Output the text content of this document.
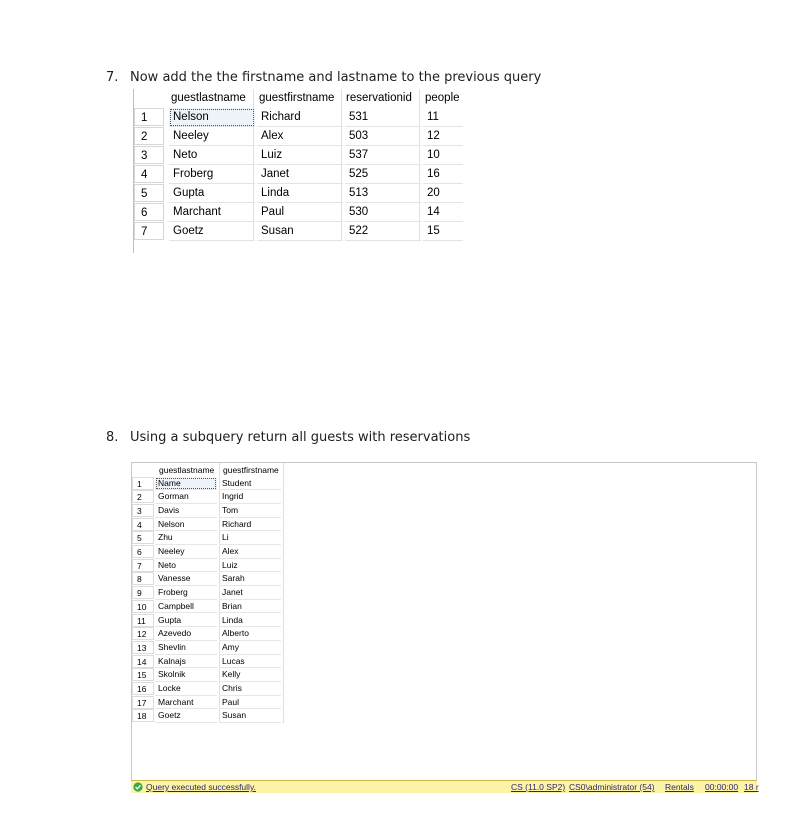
7. Now add the the firstname and lastname to the previous query
guestlastname guestfirstname reservationid people
1	Nelson	Richard	531	11
2	Neeley	Alex	503	12
3	Neto	Luiz	537	10
4	Froberg	Janet	525	16
5	Gupta	Linda	513	20
6	Marchant	Paul	530	14
7	Goetz	Susan	522	15
8. Using a subquery return all guests with reservations
guestlastname guestfirstname
1	Name	Student
2	Gorman	Ingrid
3	Davis	Tom
4	Nelson	Richard
5	Zhu	Li
6	Neeley	Alex
7	Neto	Luiz
8	Vanesse	Sarah
9	Froberg	Janet
10	Campbell	Brian
11	Gupta	Linda
12	Azevedo	Alberto
13	Shevlin	Amy
14	Kalnajs	Lucas
15	Skolnik	Kelly
16	Locke	Chris
17	Marchant	Paul
18	Goetz	Susan
Query executed successfully.	CS (11.0 SP2) CS0\administrator (54) Rentals 00:00:00 18 r
